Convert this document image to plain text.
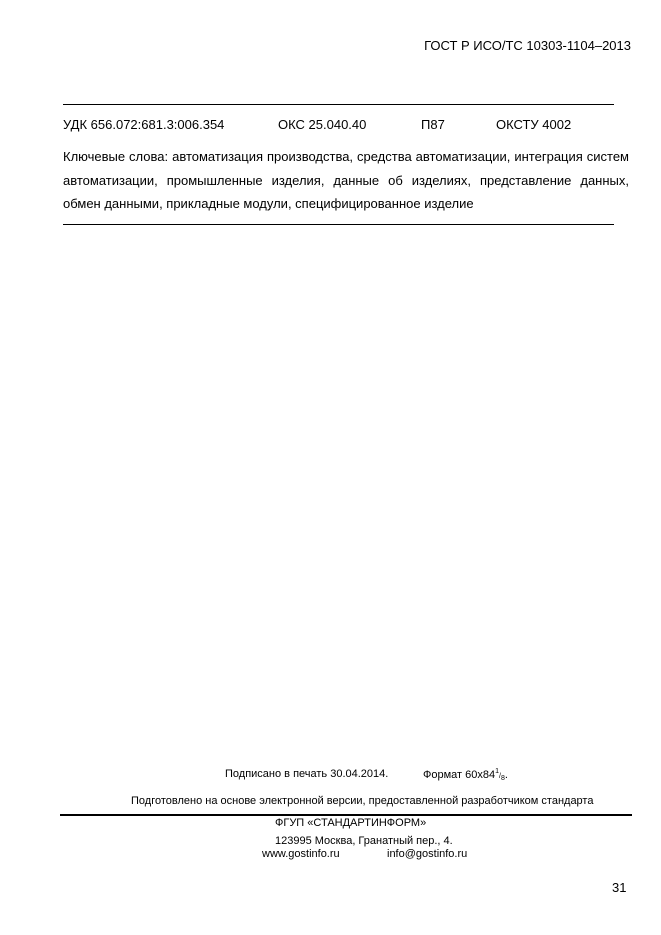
ГОСТ Р ИСО/ТС 10303-1104–2013
УДК 656.072:681.3:006.354	ОКС 25.040.40	П87	ОКСТУ 4002
Ключевые слова: автоматизация производства, средства автоматизации, интеграция систем автоматизации, промышленные изделия, данные об изделиях, представление данных, обмен данными, прикладные модули, специфицированное изделие
Подписано в печать 30.04.2014.	Формат $60х84^1/_8$.
Подготовлено на основе электронной версии, предоставленной разработчиком стандарта
ФГУП «СТАНДАРТИНФОРМ»
123995 Москва, Гранатный пер., 4.
www.gostinfo.ru	info@gostinfo.ru
31
